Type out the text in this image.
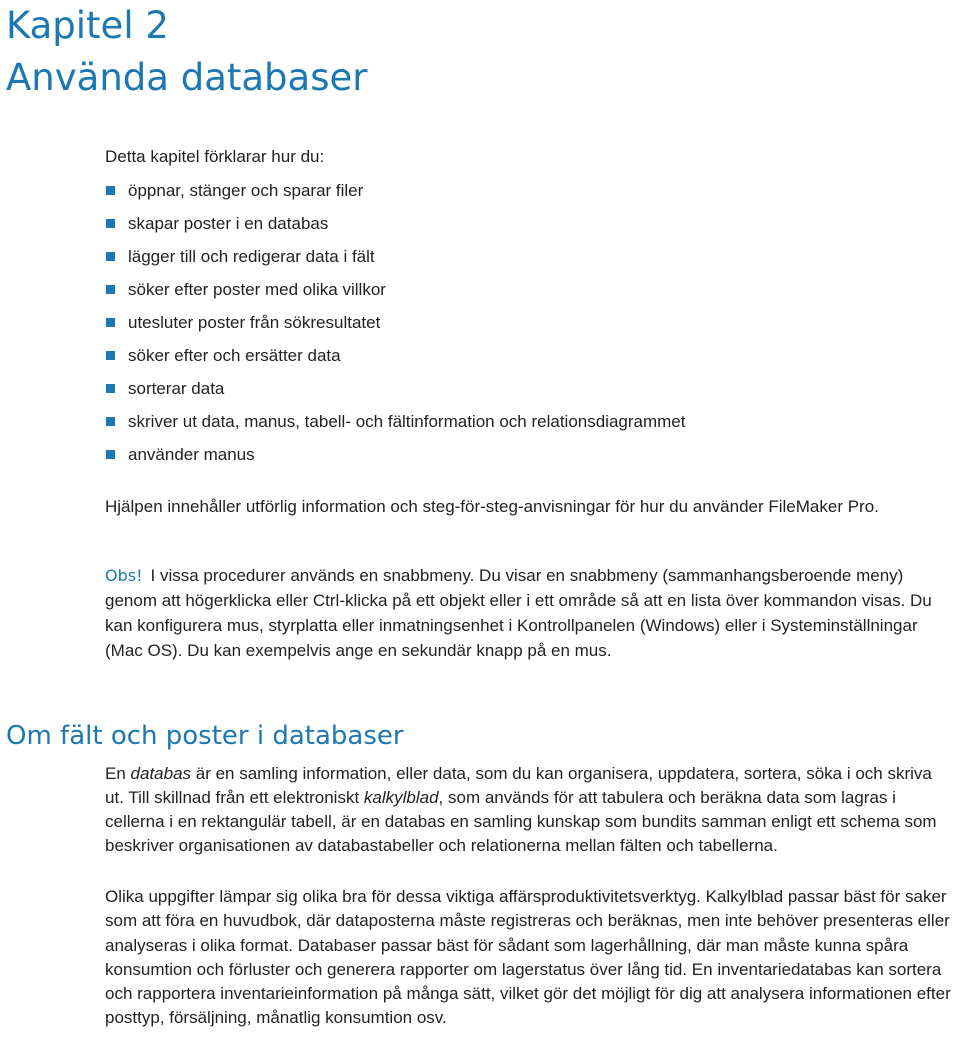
Kapitel 2
Använda databaser

Detta kapitel förklarar hur du:

öppnar, stänger och sparar filer
skapar poster i en databas
lägger till och redigerar data i fält
söker efter poster med olika villkor
utesluter poster från sökresultatet
söker efter och ersätter data
sorterar data
skriver ut data, manus, tabell- och fältinformation och relationsdiagrammet
använder manus

Hjälpen innehåller utförlig information och steg-för-steg-anvisningar för hur du använder FileMaker Pro.

Obs! I vissa procedurer används en snabbmeny. Du visar en snabbmeny (sammanhangsberoende meny) genom att högerklicka eller Ctrl-klicka på ett objekt eller i ett område så att en lista över kommandon visas. Du kan konfigurera mus, styrplatta eller inmatningsenhet i Kontrollpanelen (Windows) eller i Systeminställningar (Mac OS). Du kan exempelvis ange en sekundär knapp på en mus.

Om fält och poster i databaser

En databas är en samling information, eller data, som du kan organisera, uppdatera, sortera, söka i och skriva ut. Till skillnad från ett elektroniskt kalkylblad, som används för att tabulera och beräkna data som lagras i cellerna i en rektangulär tabell, är en databas en samling kunskap som bundits samman enligt ett schema som beskriver organisationen av databastabeller och relationerna mellan fälten och tabellerna.

Olika uppgifter lämpar sig olika bra för dessa viktiga affärsproduktivitetsverktyg. Kalkylblad passar bäst för saker som att föra en huvudbok, där dataposterna måste registreras och beräknas, men inte behöver presenteras eller analyseras i olika format. Databaser passar bäst för sådant som lagerhållning, där man måste kunna spåra konsumtion och förluster och generera rapporter om lagerstatus över lång tid. En inventariedatabas kan sortera och rapportera inventarieinformation på många sätt, vilket gör det möjligt för dig att analysera informationen efter posttyp, försäljning, månatlig konsumtion osv.
